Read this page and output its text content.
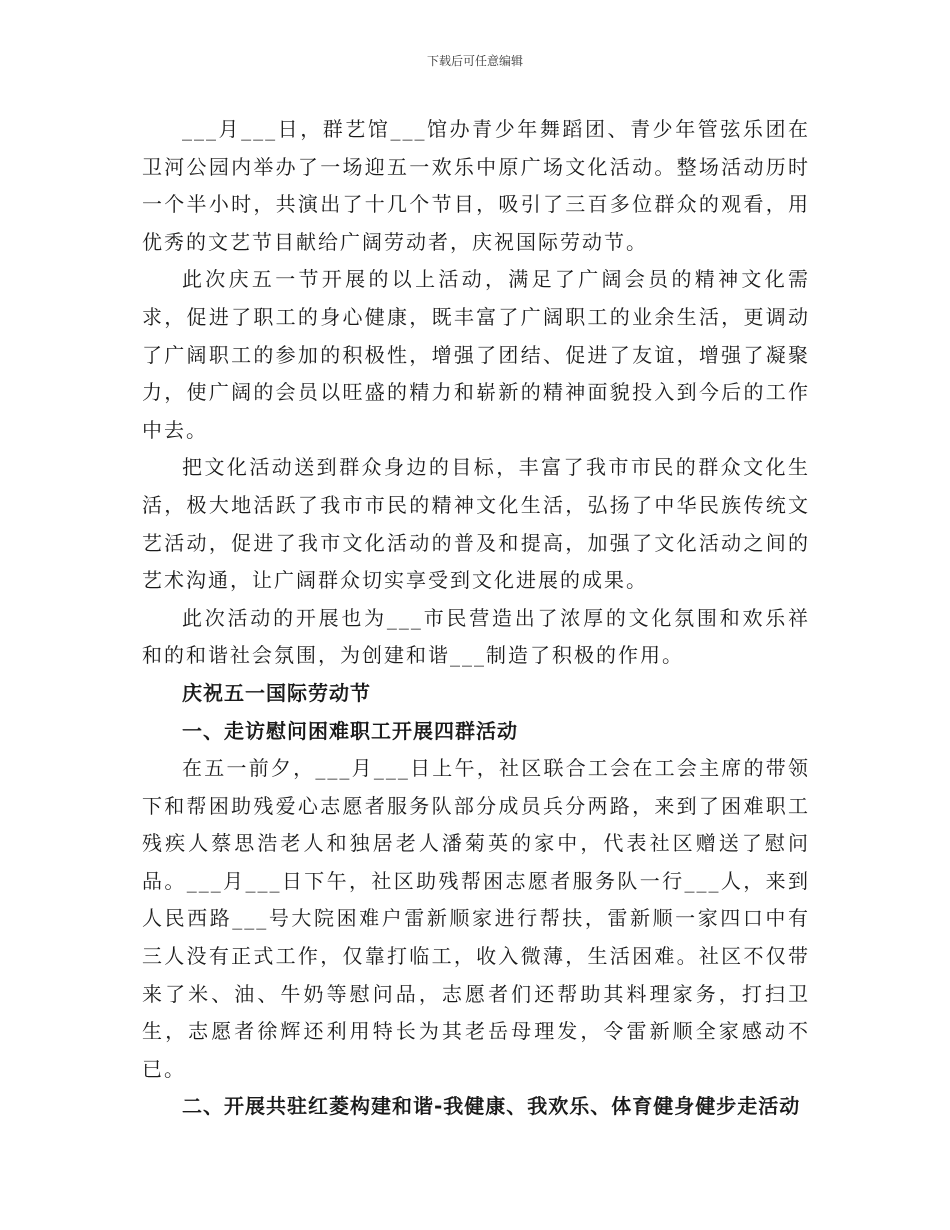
下载后可任意编辑

___月___日，群艺馆___馆办青少年舞蹈团、青少年管弦乐团在卫河公园内举办了一场迎五一欢乐中原广场文化活动。整场活动历时一个半小时，共演出了十几个节目，吸引了三百多位群众的观看，用优秀的文艺节目献给广阔劳动者，庆祝国际劳动节。

此次庆五一节开展的以上活动，满足了广阔会员的精神文化需求，促进了职工的身心健康，既丰富了广阔职工的业余生活，更调动了广阔职工的参加的积极性，增强了团结、促进了友谊，增强了凝聚力，使广阔的会员以旺盛的精力和崭新的精神面貌投入到今后的工作中去。

把文化活动送到群众身边的目标，丰富了我市市民的群众文化生活，极大地活跃了我市市民的精神文化生活，弘扬了中华民族传统文艺活动，促进了我市文化活动的普及和提高，加强了文化活动之间的艺术沟通，让广阔群众切实享受到文化进展的成果。

此次活动的开展也为___市民营造出了浓厚的文化氛围和欢乐祥和的和谐社会氛围，为创建和谐___制造了积极的作用。

庆祝五一国际劳动节

一、走访慰问困难职工开展四群活动

在五一前夕，___月___日上午，社区联合工会在工会主席的带领下和帮困助残爱心志愿者服务队部分成员兵分两路，来到了困难职工残疾人蔡思浩老人和独居老人潘菊英的家中，代表社区赠送了慰问品。___月___日下午，社区助残帮困志愿者服务队一行___人，来到人民西路___号大院困难户雷新顺家进行帮扶，雷新顺一家四口中有三人没有正式工作，仅靠打临工，收入微薄，生活困难。社区不仅带来了米、油、牛奶等慰问品，志愿者们还帮助其料理家务，打扫卫生，志愿者徐辉还利用特长为其老岳母理发，令雷新顺全家感动不已。

二、开展共驻红菱构建和谐-我健康、我欢乐、体育健身健步走活动
